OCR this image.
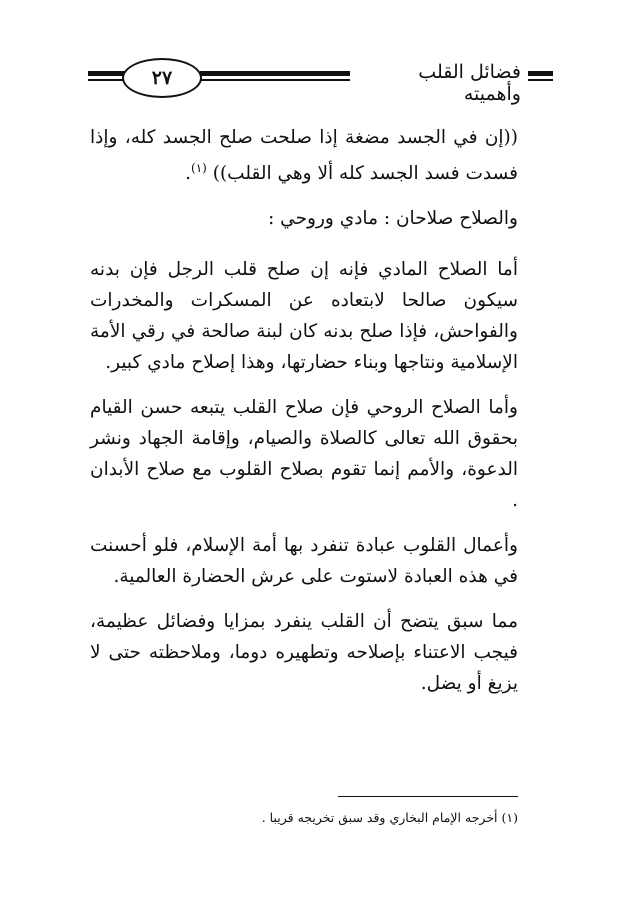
٢٧	فضائل القلب وأهميته

((إن في الجسد مضغة إذا صلحت صلح الجسد كله، وإذا فسدت فسد الجسد كله ألا وهي القلب)) $^{(١)}$.

والصلاح صلاحان : مادي وروحي :

أما الصلاح المادي فإنه إن صلح قلب الرجل فإن بدنه سيكون صالحا لابتعاده عن المسكرات والمخدرات والفواحش، فإذا صلح بدنه كان لبنة صالحة في رقي الأمة الإسلامية ونتاجها وبناء حضارتها، وهذا إصلاح مادي كبير.

وأما الصلاح الروحي فإن صلاح القلب يتبعه حسن القيام بحقوق الله تعالى كالصلاة والصيام، وإقامة الجهاد ونشر الدعوة، والأمم إنما تقوم بصلاح القلوب مع صلاح الأبدان .

وأعمال القلوب عبادة تنفرد بها أمة الإسلام، فلو أحسنت في هذه العبادة لاستوت على عرش الحضارة العالمية.

مما سبق يتضح أن القلب ينفرد بمزايا وفضائل عظيمة، فيجب الاعتناء بإصلاحه وتطهيره دوما، وملاحظته حتى لا يزيغ أو يضل.

(١) أخرجه الإمام البخاري وقد سبق تخريجه قريبا .
